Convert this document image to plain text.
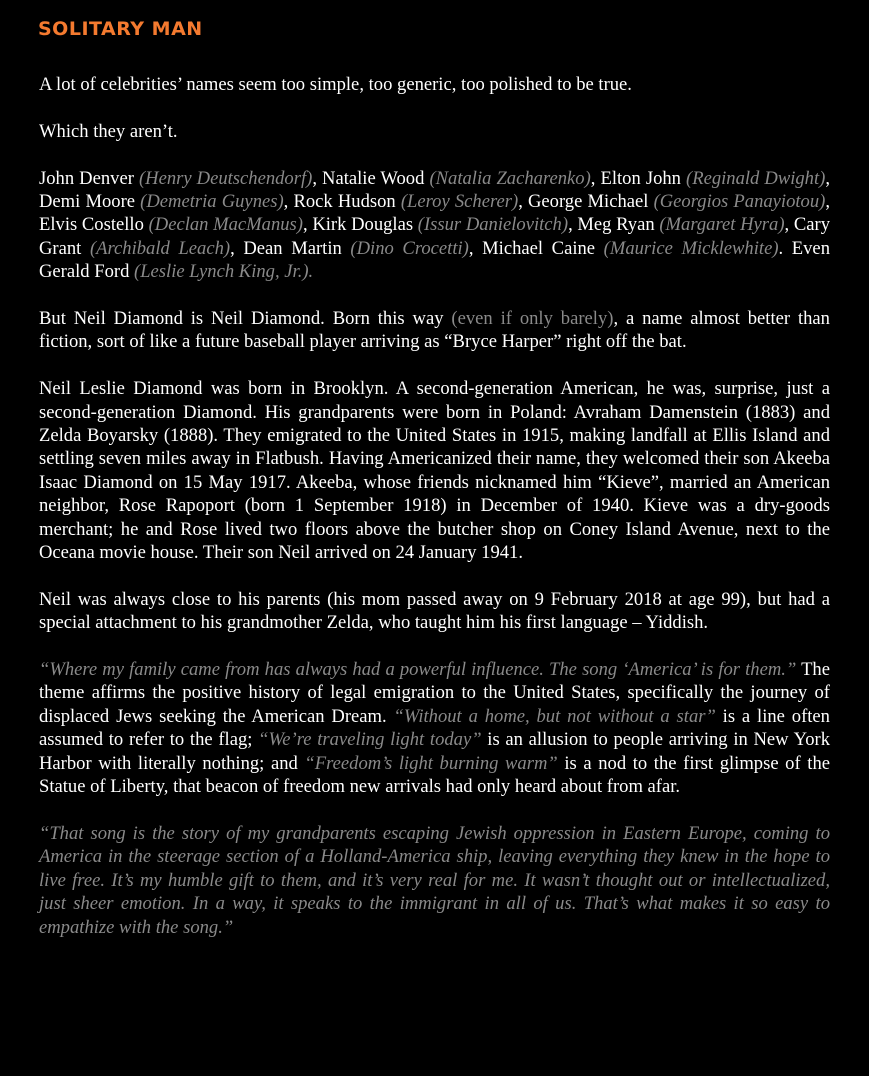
SOLITARY MAN

A lot of celebrities’ names seem too simple, too generic, too polished to be true.

Which they aren’t.

John Denver (Henry Deutschendorf), Natalie Wood (Natalia Zacharenko), Elton John (Reginald Dwight), Demi Moore (Demetria Guynes), Rock Hudson (Leroy Scherer), George Michael (Georgios Panayiotou), Elvis Costello (Declan MacManus), Kirk Douglas (Issur Danielovitch), Meg Ryan (Margaret Hyra), Cary Grant (Archibald Leach), Dean Martin (Dino Crocetti), Michael Caine (Maurice Micklewhite). Even Gerald Ford (Leslie Lynch King, Jr.).

But Neil Diamond is Neil Diamond. Born this way (even if only barely), a name almost better than fiction, sort of like a future baseball player arriving as “Bryce Harper” right off the bat.

Neil Leslie Diamond was born in Brooklyn. A second-generation American, he was, surprise, just a second-generation Diamond. His grandparents were born in Poland: Avraham Damenstein (1883) and Zelda Boyarsky (1888). They emigrated to the United States in 1915, making landfall at Ellis Island and settling seven miles away in Flatbush. Having Americanized their name, they welcomed their son Akeeba Isaac Diamond on 15 May 1917. Akeeba, whose friends nicknamed him “Kieve”, married an American neighbor, Rose Rapoport (born 1 September 1918) in December of 1940. Kieve was a dry-goods merchant; he and Rose lived two floors above the butcher shop on Coney Island Avenue, next to the Oceana movie house. Their son Neil arrived on 24 January 1941.

Neil was always close to his parents (his mom passed away on 9 February 2018 at age 99), but had a special attachment to his grandmother Zelda, who taught him his first language – Yiddish.

“Where my family came from has always had a powerful influence. The song ‘America’ is for them.” The theme affirms the positive history of legal emigration to the United States, specifically the journey of displaced Jews seeking the American Dream. “Without a home, but not without a star” is a line often assumed to refer to the flag; “We’re traveling light today” is an allusion to people arriving in New York Harbor with literally nothing; and “Freedom’s light burning warm” is a nod to the first glimpse of the Statue of Liberty, that beacon of freedom new arrivals had only heard about from afar.

“That song is the story of my grandparents escaping Jewish oppression in Eastern Europe, coming to America in the steerage section of a Holland-America ship, leaving everything they knew in the hope to live free. It’s my humble gift to them, and it’s very real for me. It wasn’t thought out or intellectualized, just sheer emotion. In a way, it speaks to the immigrant in all of us. That’s what makes it so easy to empathize with the song.”
